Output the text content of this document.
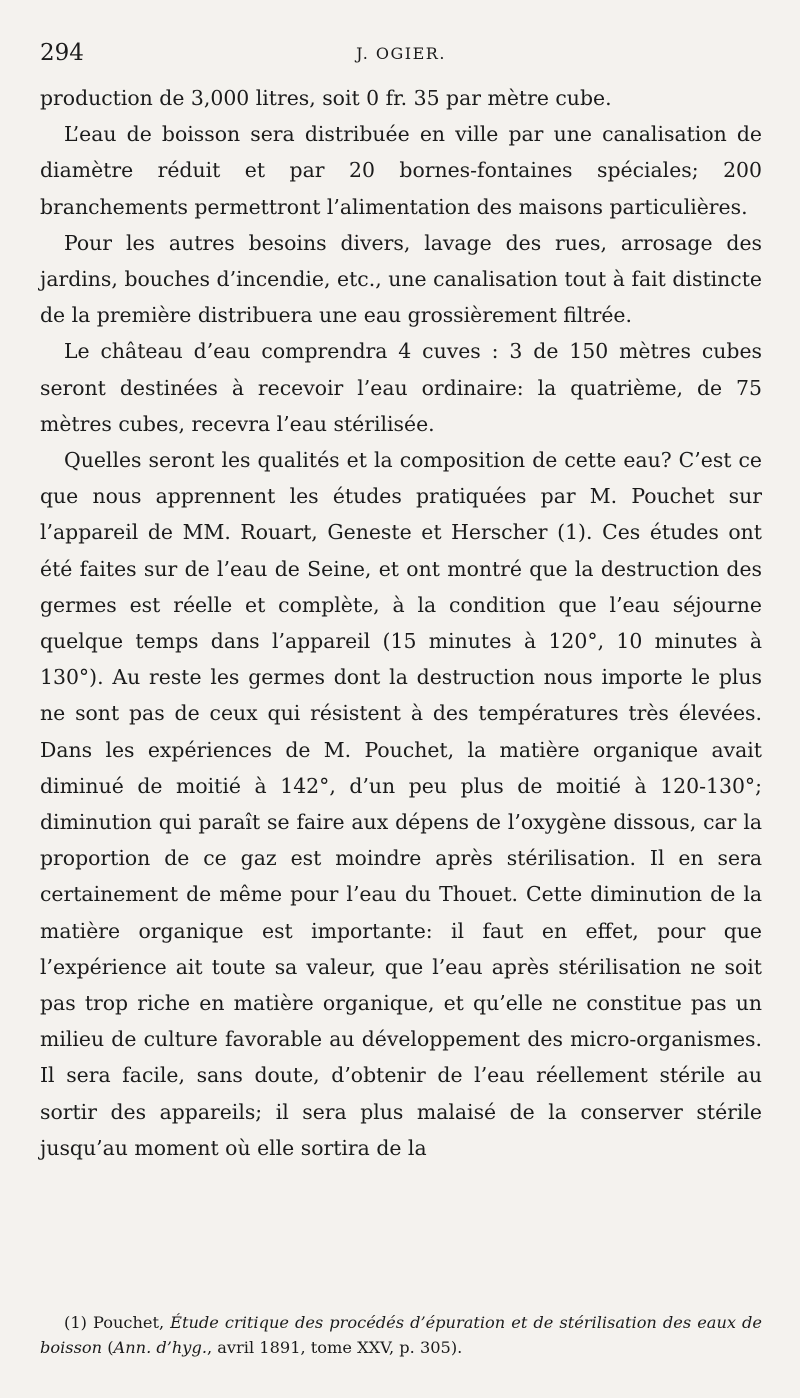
294	J. OGIER.

production de 3,000 litres, soit 0 fr. 35 par mètre cube.

L’eau de boisson sera distribuée en ville par une canalisation de diamètre réduit et par 20 bornes-fontaines spéciales; 200 branchements permettront l’alimentation des maisons particulières.

Pour les autres besoins divers, lavage des rues, arrosage des jardins, bouches d’incendie, etc., une canalisation tout à fait distincte de la première distribuera une eau grossièrement filtrée.

Le château d’eau comprendra 4 cuves : 3 de 150 mètres cubes seront destinées à recevoir l’eau ordinaire: la quatrième, de 75 mètres cubes, recevra l’eau stérilisée.

Quelles seront les qualités et la composition de cette eau? C’est ce que nous apprennent les études pratiquées par M. Pouchet sur l’appareil de MM. Rouart, Geneste et Herscher (1). Ces études ont été faites sur de l’eau de Seine, et ont montré que la destruction des germes est réelle et complète, à la condition que l’eau séjourne quelque temps dans l’appareil (15 minutes à 120°, 10 minutes à 130°). Au reste les germes dont la destruction nous importe le plus ne sont pas de ceux qui résistent à des températures très élevées. Dans les expériences de M. Pouchet, la matière organique avait diminué de moitié à 142°, d’un peu plus de moitié à 120-130°; diminution qui paraît se faire aux dépens de l’oxygène dissous, car la proportion de ce gaz est moindre après stérilisation. Il en sera certainement de même pour l’eau du Thouet. Cette diminution de la matière organique est importante: il faut en effet, pour que l’expérience ait toute sa valeur, que l’eau après stérilisation ne soit pas trop riche en matière organique, et qu’elle ne constitue pas un milieu de culture favorable au développement des micro-organismes. Il sera facile, sans doute, d’obtenir de l’eau réellement stérile au sortir des appareils; il sera plus malaisé de la conserver stérile jusqu’au moment où elle sortira de la

(1) Pouchet, Étude critique des procédés d’épuration et de stérilisation des eaux de boisson (Ann. d’hyg., avril 1891, tome XXV, p. 305).
